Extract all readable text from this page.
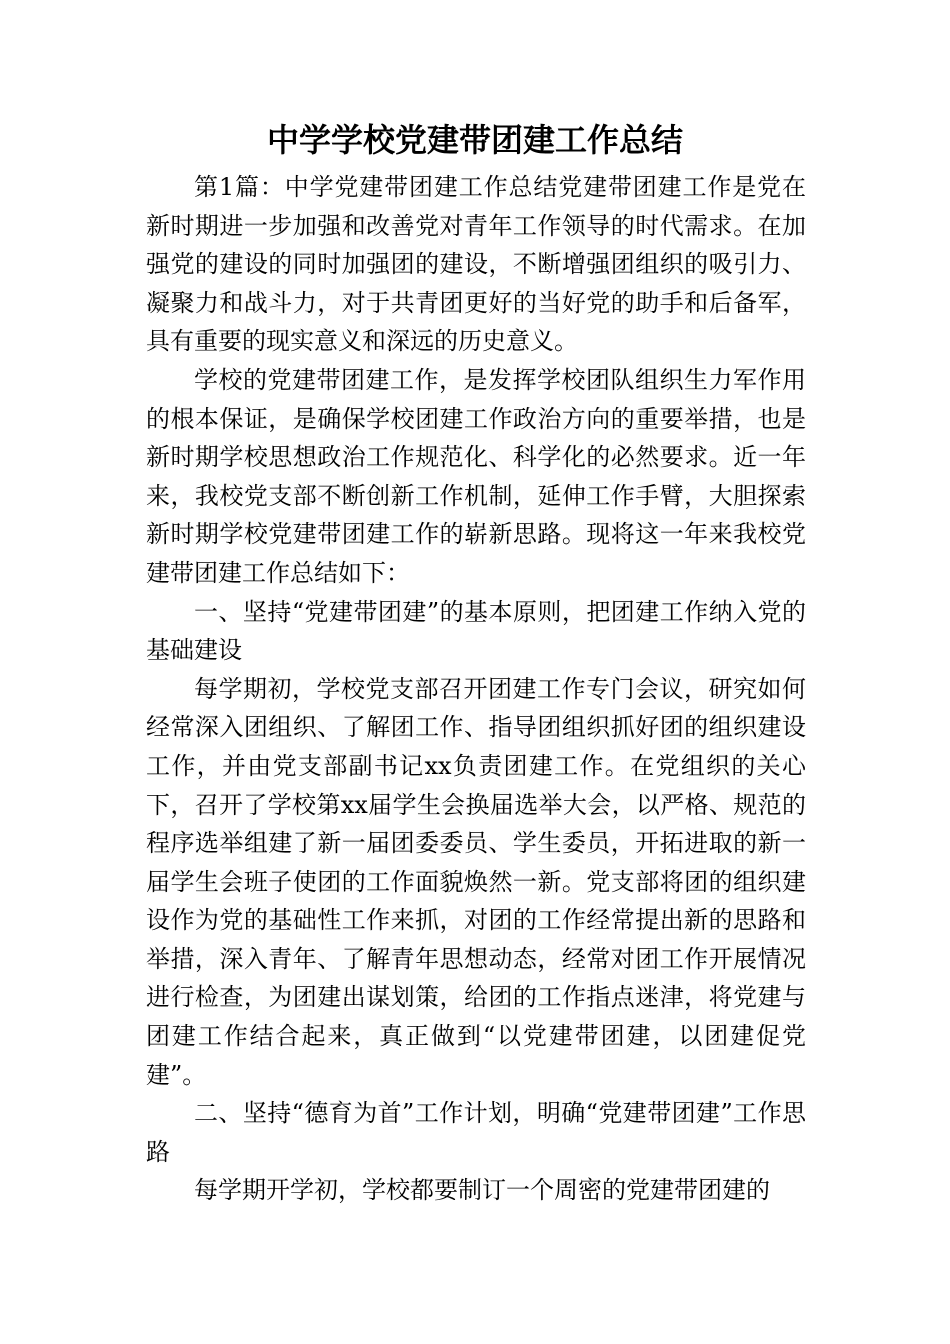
中学学校党建带团建工作总结

第1篇：中学党建带团建工作总结党建带团建工作是党在新时期进一步加强和改善党对青年工作领导的时代需求。在加强党的建设的同时加强团的建设，不断增强团组织的吸引力、凝聚力和战斗力，对于共青团更好的当好党的助手和后备军，具有重要的现实意义和深远的历史意义。

学校的党建带团建工作，是发挥学校团队组织生力军作用的根本保证，是确保学校团建工作政治方向的重要举措，也是新时期学校思想政治工作规范化、科学化的必然要求。近一年来，我校党支部不断创新工作机制，延伸工作手臂，大胆探索新时期学校党建带团建工作的崭新思路。现将这一年来我校党建带团建工作总结如下：

一、坚持“党建带团建”的基本原则，把团建工作纳入党的基础建设

每学期初，学校党支部召开团建工作专门会议，研究如何经常深入团组织、了解团工作、指导团组织抓好团的组织建设工作，并由党支部副书记xx负责团建工作。在党组织的关心下，召开了学校第xx届学生会换届选举大会，以严格、规范的程序选举组建了新一届团委委员、学生委员，开拓进取的新一届学生会班子使团的工作面貌焕然一新。党支部将团的组织建设作为党的基础性工作来抓，对团的工作经常提出新的思路和举措，深入青年、了解青年思想动态，经常对团工作开展情况进行检查，为团建出谋划策，给团的工作指点迷津，将党建与团建工作结合起来，真正做到“以党建带团建，以团建促党建”。

二、坚持“德育为首”工作计划，明确“党建带团建”工作思路

每学期开学初，学校都要制订一个周密的党建带团建的
